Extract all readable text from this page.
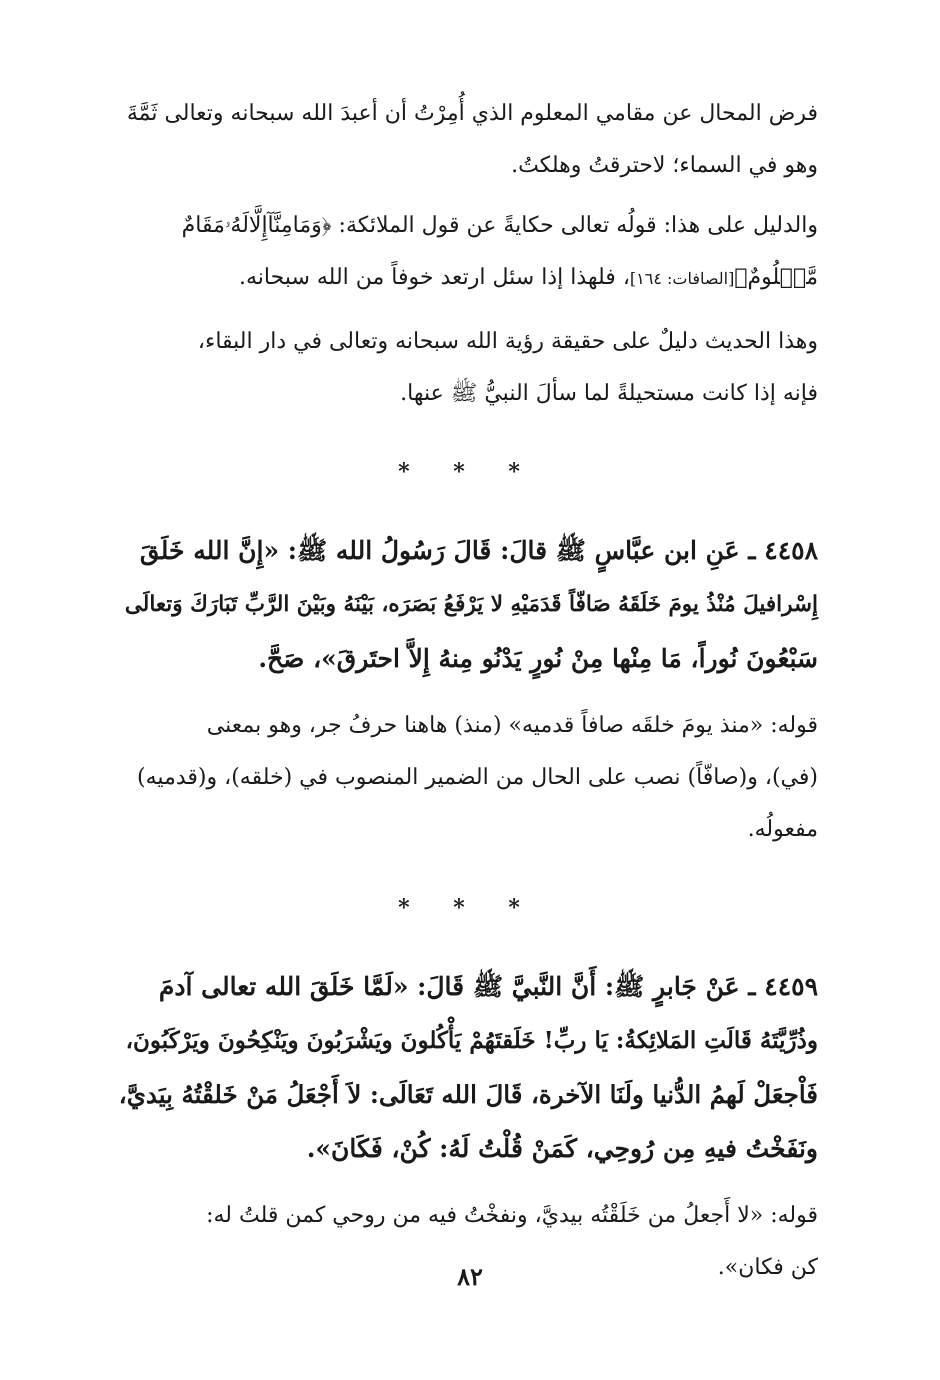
فرض المحال عن مقامي المعلوم الذي أُمِرْتُ أن أعبدَ الله سبحانه وتعالى ثَمَّةَ
وهو في السماء؛ لاحترقتُ وهلكتُ.
والدليل على هذا: قولُه تعالى حكايةً عن قول الملائكة: ﴿وَمَامِنَّآإِلَّالَهُۥمَقَامٌ
مَّعۡلُومٌ﴾[الصافات: ١٦٤]، فلهذا إذا سئل ارتعد خوفاً من الله سبحانه.
وهذا الحديث دليلٌ على حقيقة رؤية الله سبحانه وتعالى في دار البقاء،
فإنه إذا كانت مستحيلةً لما سألَ النبيُّ ﷺ عنها.
* * *
٤٤٥٨ ـ عَنِ ابن عبَّاسٍ ﷺ قالَ: قَالَ رَسُولُ الله ﷺ: «إِنَّ الله خَلَقَ
إِسْرافيلَ مُنْذُ يومَ خَلَقَهُ صَافّاً قَدَمَيْهِ لا يَرْفَعُ بَصَرَه، بَيْنَهُ وبَيْنَ الرَّبِّ تَبَارَكَ وَتعالَى
سَبْعُونَ نُوراً، مَا مِنْها مِنْ نُورٍ يَدْنُو مِنهُ إِلاَّ احتَرقَ»، صَحَّ.
قوله: «منذ يومَ خلقَه صافاً قدميه» (منذ) هاهنا حرفُ جر، وهو بمعنى
(في)، و(صافّاً) نصب على الحال من الضمير المنصوب في (خلقه)، و(قدميه)
مفعولُه.
* * *
٤٤٥٩ ـ عَنْ جَابرٍ ﷺ: أَنَّ النَّبيَّ ﷺ قَالَ: «لَمَّا خَلَقَ الله تعالى آدمَ
وذُرِّيَّتَهُ قَالَتِ المَلائِكةُ: يَا ربِّ! خَلَقتَهُمْ يَأْكُلونَ ويَشْرَبُونَ ويَنْكِحُونَ ويَرْكَبُونَ،
فَاْجعَلْ لَهمُ الدُّنيا ولَنَا الآخرة، قَالَ الله تَعَالَى: لاَ أَجْعَلُ مَنْ خَلقْتُهُ بِيَديَّ،
ونَفَخْتُ فيهِ مِن رُوحِي، كَمَنْ قُلْتُ لَهُ: كُنْ، فَكَانَ».
قوله: «لا أَجعلُ من خَلَقْتُه بيديَّ، ونفخْتُ فيه من روحي كمن قلتُ له:
كن فكان».
٨٢
